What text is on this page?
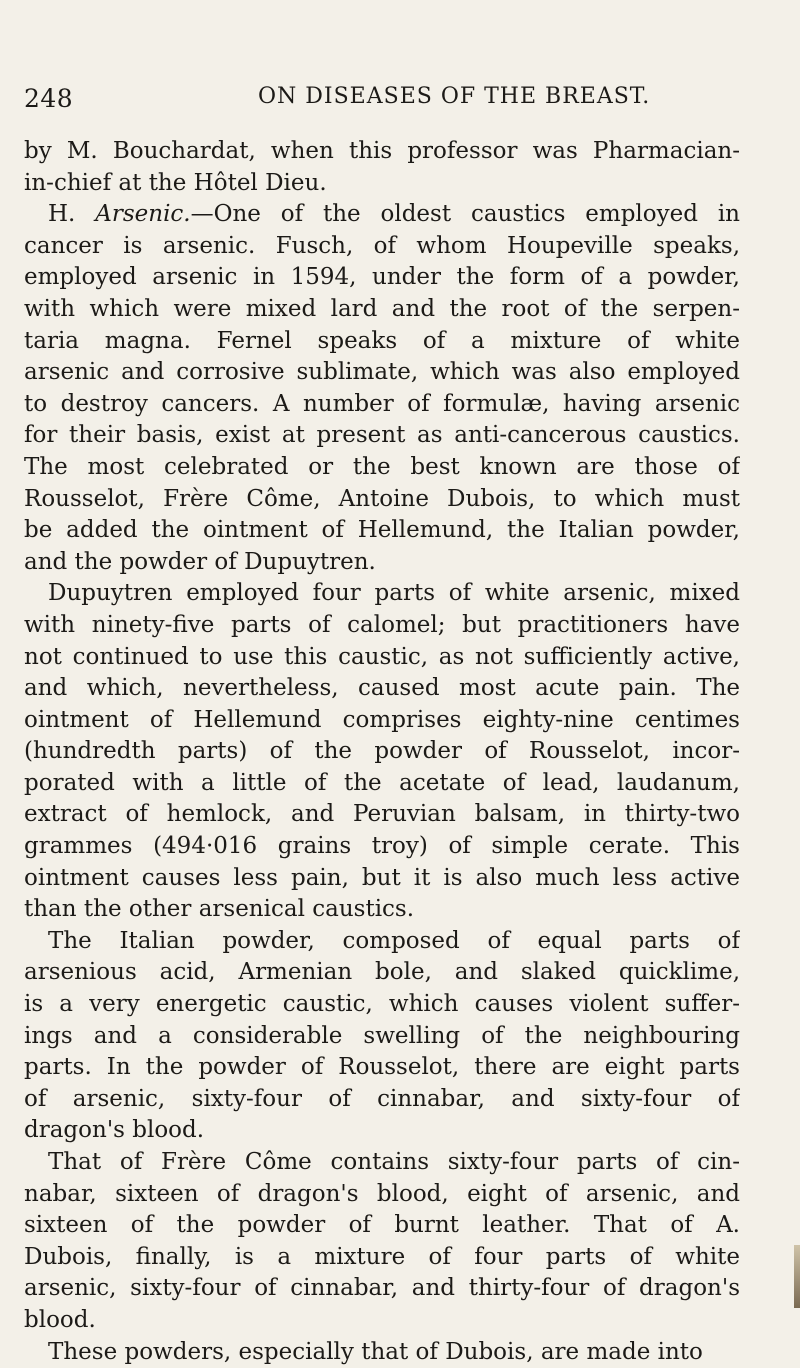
248	ON DISEASES OF THE BREAST.
by M. Bouchardat, when this professor was Pharmacian-
in-chief at the Hôtel Dieu.
H. Arsenic.—One of the oldest caustics employed in
cancer is arsenic. Fusch, of whom Houpeville speaks,
employed arsenic in 1594, under the form of a powder,
with which were mixed lard and the root of the serpen-
taria magna. Fernel speaks of a mixture of white
arsenic and corrosive sublimate, which was also employed
to destroy cancers. A number of formulæ, having arsenic
for their basis, exist at present as anti-cancerous caustics.
The most celebrated or the best known are those of
Rousselot, Frère Côme, Antoine Dubois, to which must
be added the ointment of Hellemund, the Italian powder,
and the powder of Dupuytren.
Dupuytren employed four parts of white arsenic, mixed
with ninety-five parts of calomel; but practitioners have
not continued to use this caustic, as not sufficiently active,
and which, nevertheless, caused most acute pain. The
ointment of Hellemund comprises eighty-nine centimes
(hundredth parts) of the powder of Rousselot, incor-
porated with a little of the acetate of lead, laudanum,
extract of hemlock, and Peruvian balsam, in thirty-two
grammes (494·016 grains troy) of simple cerate. This
ointment causes less pain, but it is also much less active
than the other arsenical caustics.
The Italian powder, composed of equal parts of
arsenious acid, Armenian bole, and slaked quicklime,
is a very energetic caustic, which causes violent suffer-
ings and a considerable swelling of the neighbouring
parts. In the powder of Rousselot, there are eight parts
of arsenic, sixty-four of cinnabar, and sixty-four of
dragon's blood.
That of Frère Côme contains sixty-four parts of cin-
nabar, sixteen of dragon's blood, eight of arsenic, and
sixteen of the powder of burnt leather. That of A.
Dubois, finally, is a mixture of four parts of white
arsenic, sixty-four of cinnabar, and thirty-four of dragon's
blood.
These powders, especially that of Dubois, are made into
